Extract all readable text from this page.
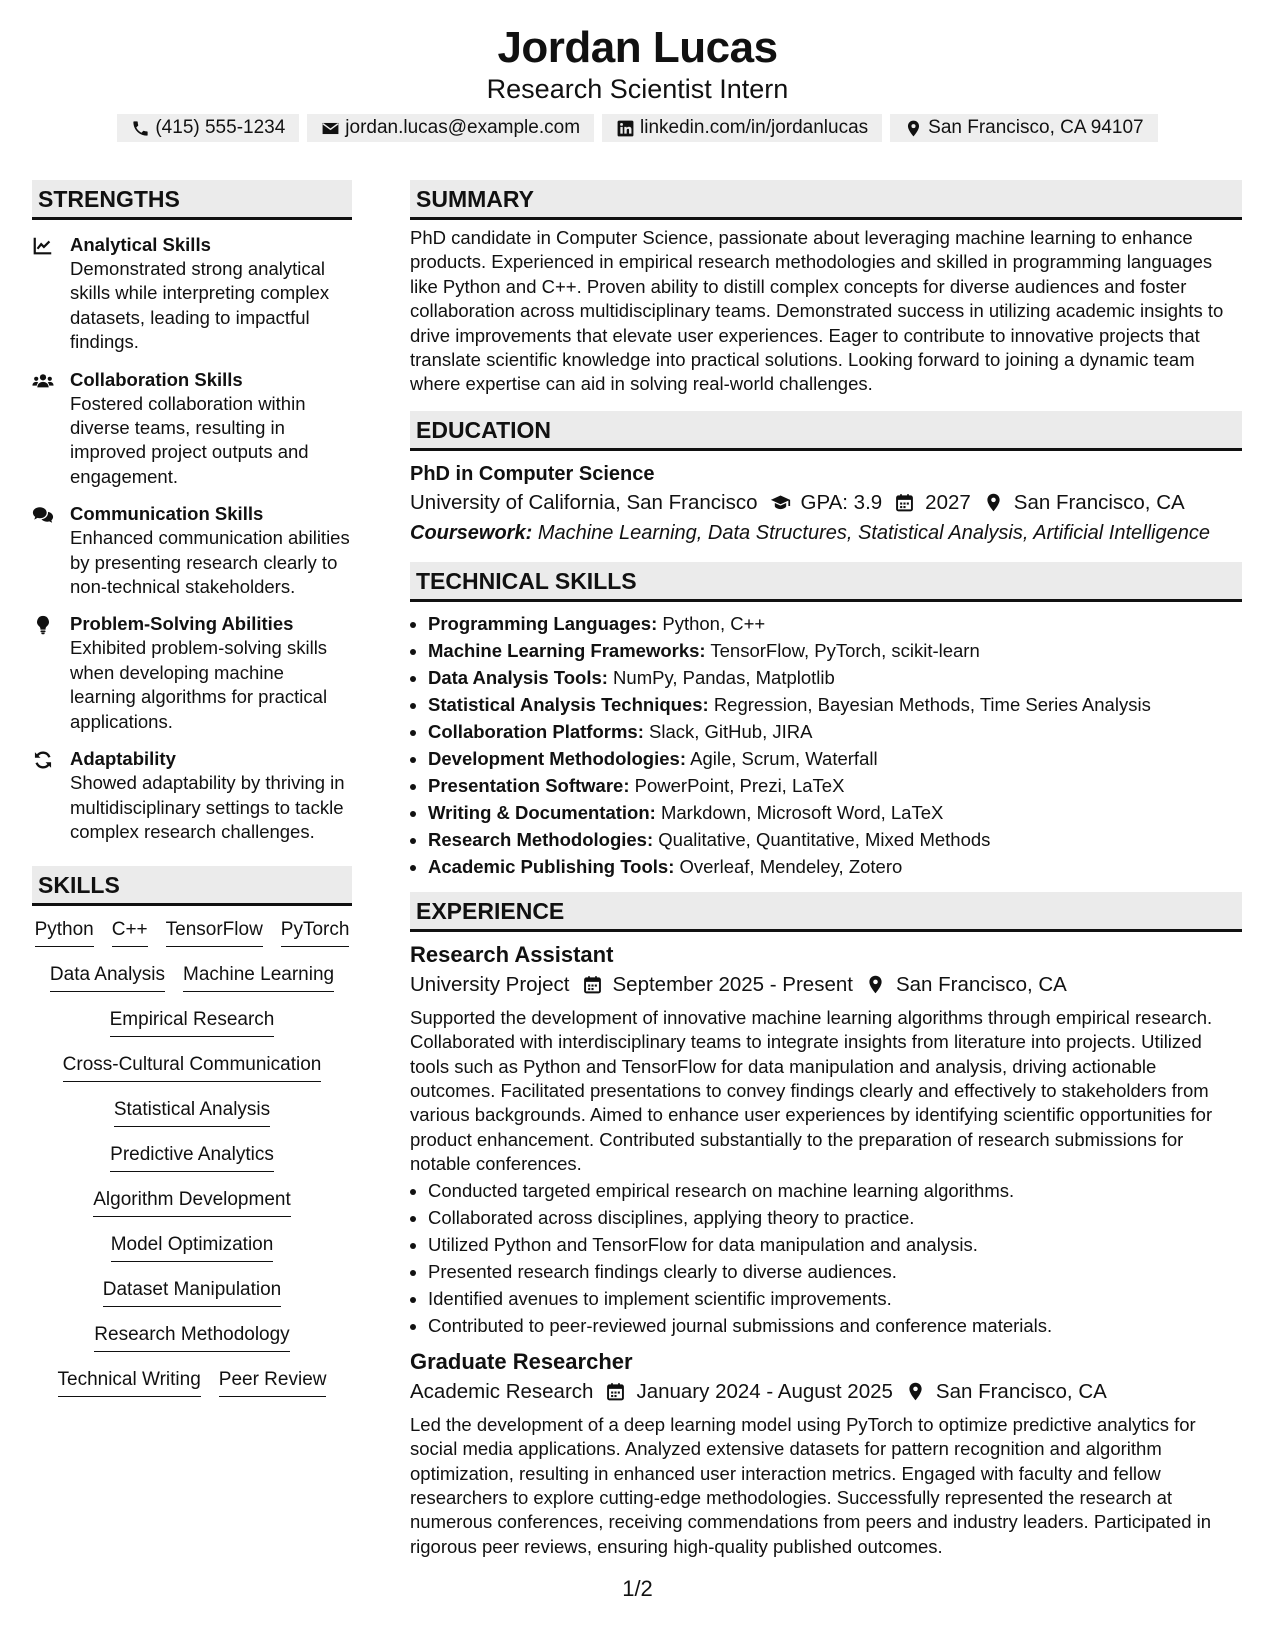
Jordan Lucas
Research Scientist Intern
(415) 555-1234	jordan.lucas@example.com	linkedin.com/in/jordanlucas	San Francisco, CA 94107
STRENGTHS
Analytical Skills
Demonstrated strong analytical skills while interpreting complex datasets, leading to impactful findings.
Collaboration Skills
Fostered collaboration within diverse teams, resulting in improved project outputs and engagement.
Communication Skills
Enhanced communication abilities by presenting research clearly to non-technical stakeholders.
Problem-Solving Abilities
Exhibited problem-solving skills when developing machine learning algorithms for practical applications.
Adaptability
Showed adaptability by thriving in multidisciplinary settings to tackle complex research challenges.
SKILLS
Python C++ TensorFlow PyTorch
Data Analysis Machine Learning
Empirical Research
Cross-Cultural Communication
Statistical Analysis
Predictive Analytics
Algorithm Development
Model Optimization
Dataset Manipulation
Research Methodology
Technical Writing Peer Review
SUMMARY
PhD candidate in Computer Science, passionate about leveraging machine learning to enhance products. Experienced in empirical research methodologies and skilled in programming languages like Python and C++. Proven ability to distill complex concepts for diverse audiences and foster collaboration across multidisciplinary teams. Demonstrated success in utilizing academic insights to drive improvements that elevate user experiences. Eager to contribute to innovative projects that translate scientific knowledge into practical solutions. Looking forward to joining a dynamic team where expertise can aid in solving real-world challenges.
EDUCATION
PhD in Computer Science
University of California, San Francisco GPA: 3.9 2027 San Francisco, CA
Coursework: Machine Learning, Data Structures, Statistical Analysis, Artificial Intelligence
TECHNICAL SKILLS
• Programming Languages: Python, C++
• Machine Learning Frameworks: TensorFlow, PyTorch, scikit-learn
• Data Analysis Tools: NumPy, Pandas, Matplotlib
• Statistical Analysis Techniques: Regression, Bayesian Methods, Time Series Analysis
• Collaboration Platforms: Slack, GitHub, JIRA
• Development Methodologies: Agile, Scrum, Waterfall
• Presentation Software: PowerPoint, Prezi, LaTeX
• Writing & Documentation: Markdown, Microsoft Word, LaTeX
• Research Methodologies: Qualitative, Quantitative, Mixed Methods
• Academic Publishing Tools: Overleaf, Mendeley, Zotero
EXPERIENCE
Research Assistant
University Project September 2025 - Present San Francisco, CA
Supported the development of innovative machine learning algorithms through empirical research. Collaborated with interdisciplinary teams to integrate insights from literature into projects. Utilized tools such as Python and TensorFlow for data manipulation and analysis, driving actionable outcomes. Facilitated presentations to convey findings clearly and effectively to stakeholders from various backgrounds. Aimed to enhance user experiences by identifying scientific opportunities for product enhancement. Contributed substantially to the preparation of research submissions for notable conferences.
• Conducted targeted empirical research on machine learning algorithms.
• Collaborated across disciplines, applying theory to practice.
• Utilized Python and TensorFlow for data manipulation and analysis.
• Presented research findings clearly to diverse audiences.
• Identified avenues to implement scientific improvements.
• Contributed to peer-reviewed journal submissions and conference materials.
Graduate Researcher
Academic Research January 2024 - August 2025 San Francisco, CA
Led the development of a deep learning model using PyTorch to optimize predictive analytics for social media applications. Analyzed extensive datasets for pattern recognition and algorithm optimization, resulting in enhanced user interaction metrics. Engaged with faculty and fellow researchers to explore cutting-edge methodologies. Successfully represented the research at numerous conferences, receiving commendations from peers and industry leaders. Participated in rigorous peer reviews, ensuring high-quality published outcomes.
1/2
